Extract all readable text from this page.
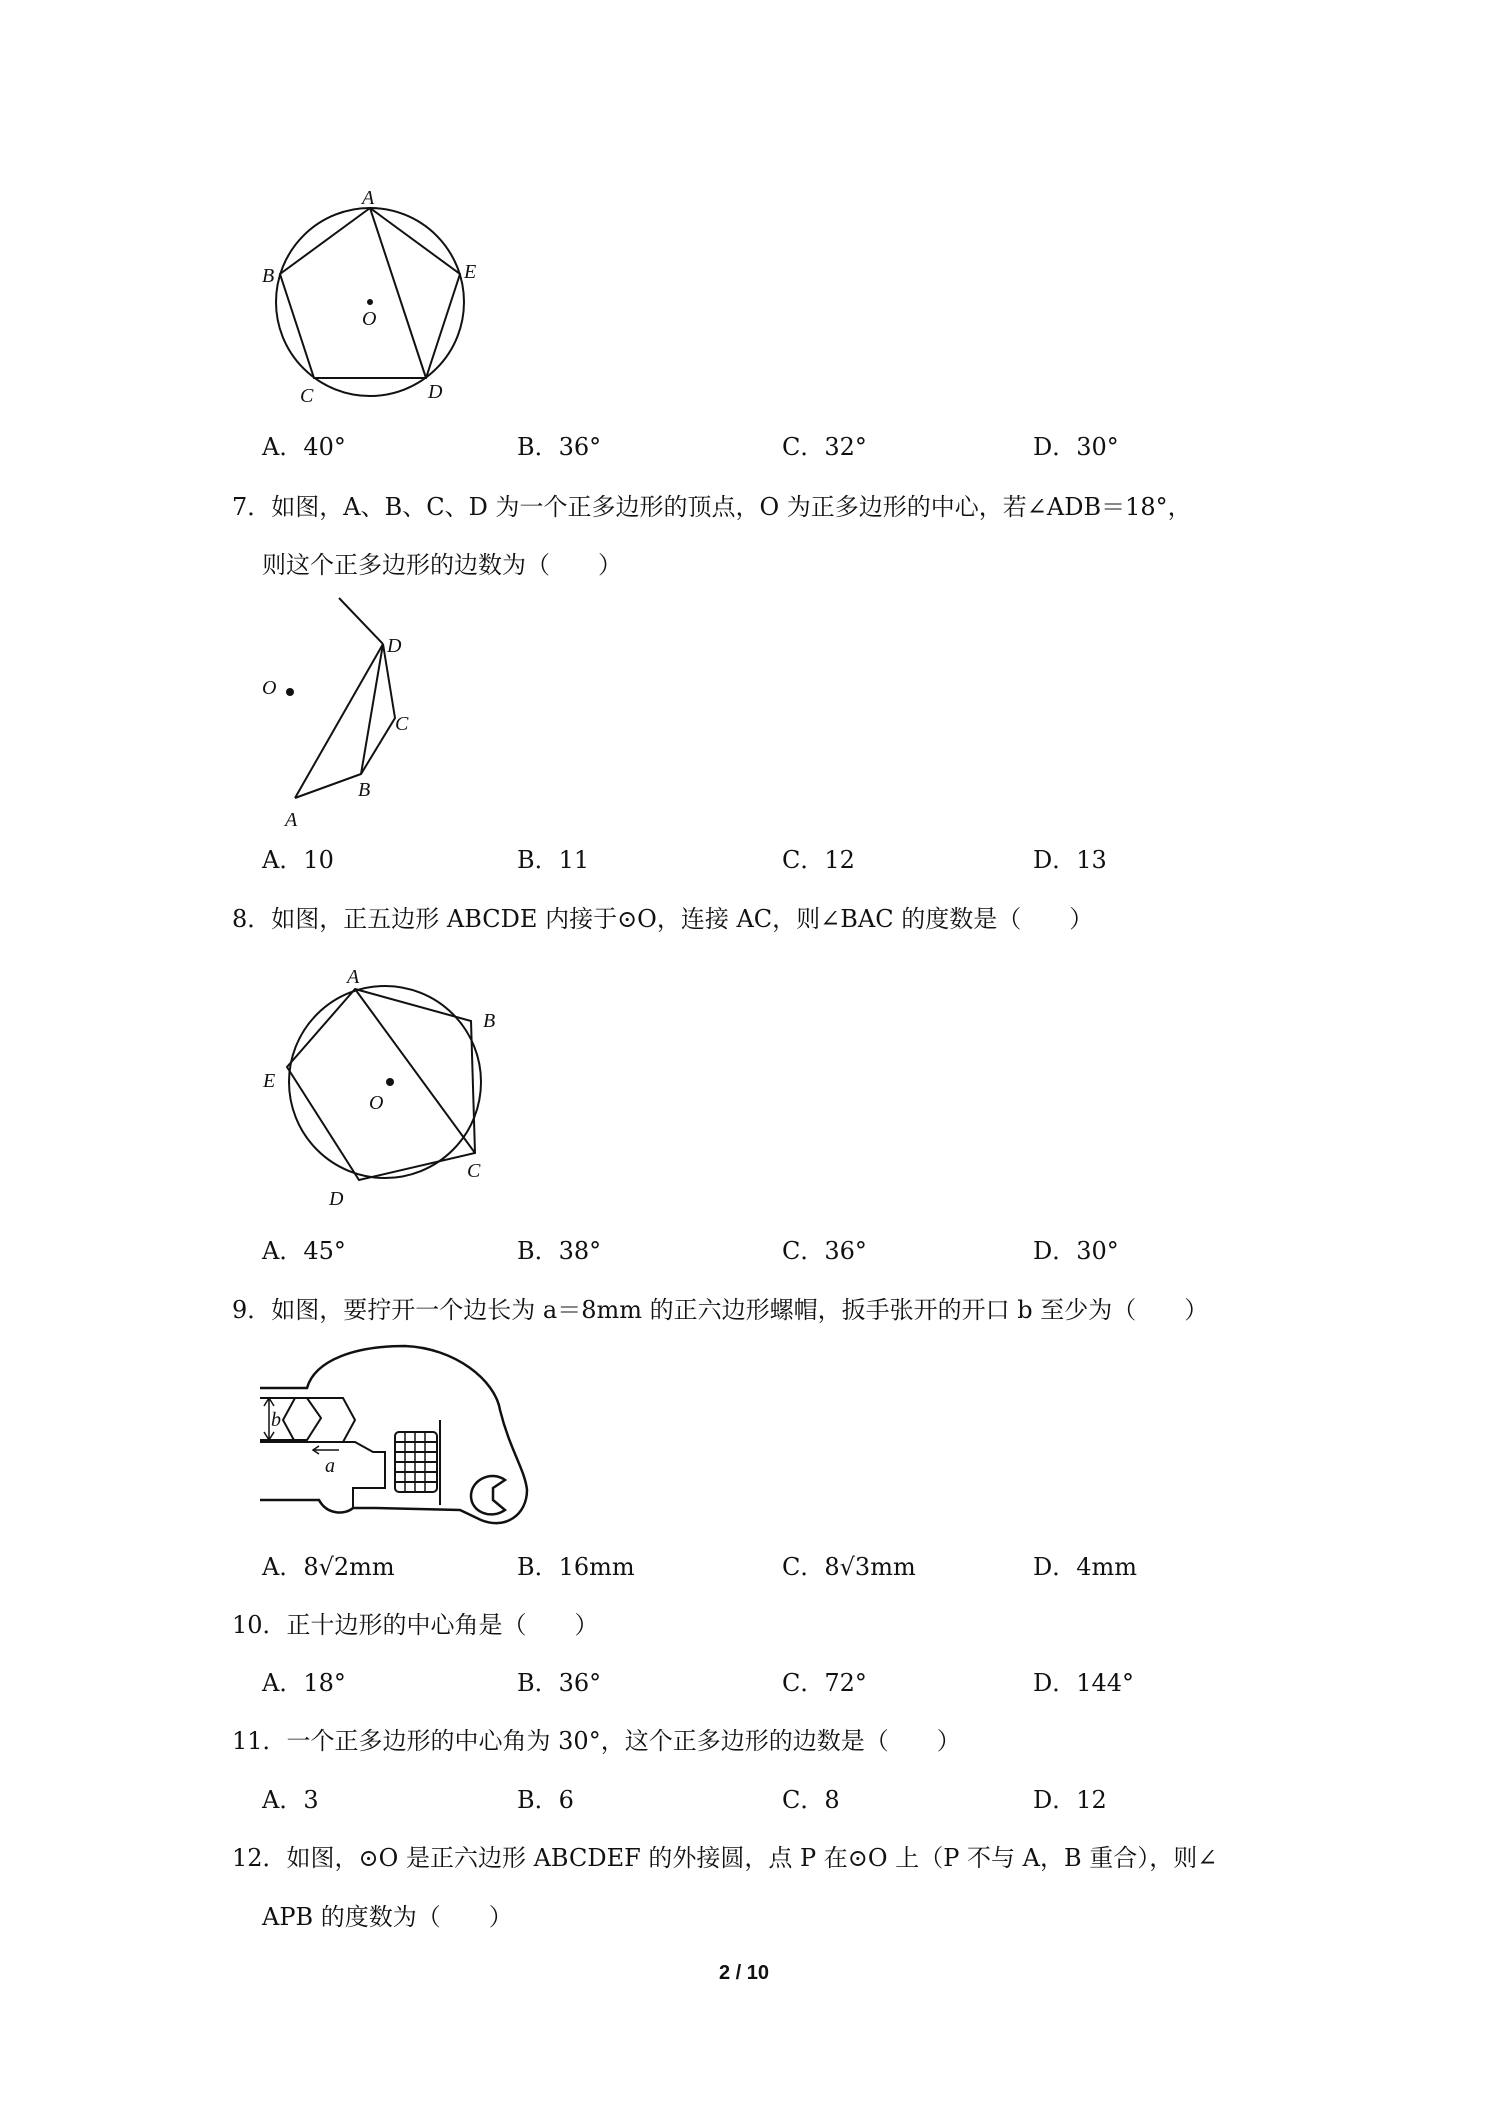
A
B	E
O
C	D
A．40°	B．36°	C．32°	D．30°
7．如图，A、B、C、D 为一个正多边形的顶点，O 为正多边形的中心，若∠ADB＝18°，
则这个正多边形的边数为（　　）
D
O
C
B
A
A．10	B．11	C．12	D．13
8．如图，正五边形 ABCDE 内接于⊙O，连接 AC，则∠BAC 的度数是（　　）
A
B
E
O
C
D
A．45°	B．38°	C．36°	D．30°
9．如图，要拧开一个边长为 a＝8mm 的正六边形螺帽，扳手张开的开口 b 至少为（　　）
b
a
A．8√2mm	B．16mm	C．8√3mm	D．4mm
10．正十边形的中心角是（　　）
A．18°	B．36°	C．72°	D．144°
11．一个正多边形的中心角为 30°，这个正多边形的边数是（　　）
A．3	B．6	C．8	D．12
12．如图，⊙O 是正六边形 ABCDEF 的外接圆，点 P 在⊙O 上（P 不与 A，B 重合），则∠
APB 的度数为（　　）
2 / 10
